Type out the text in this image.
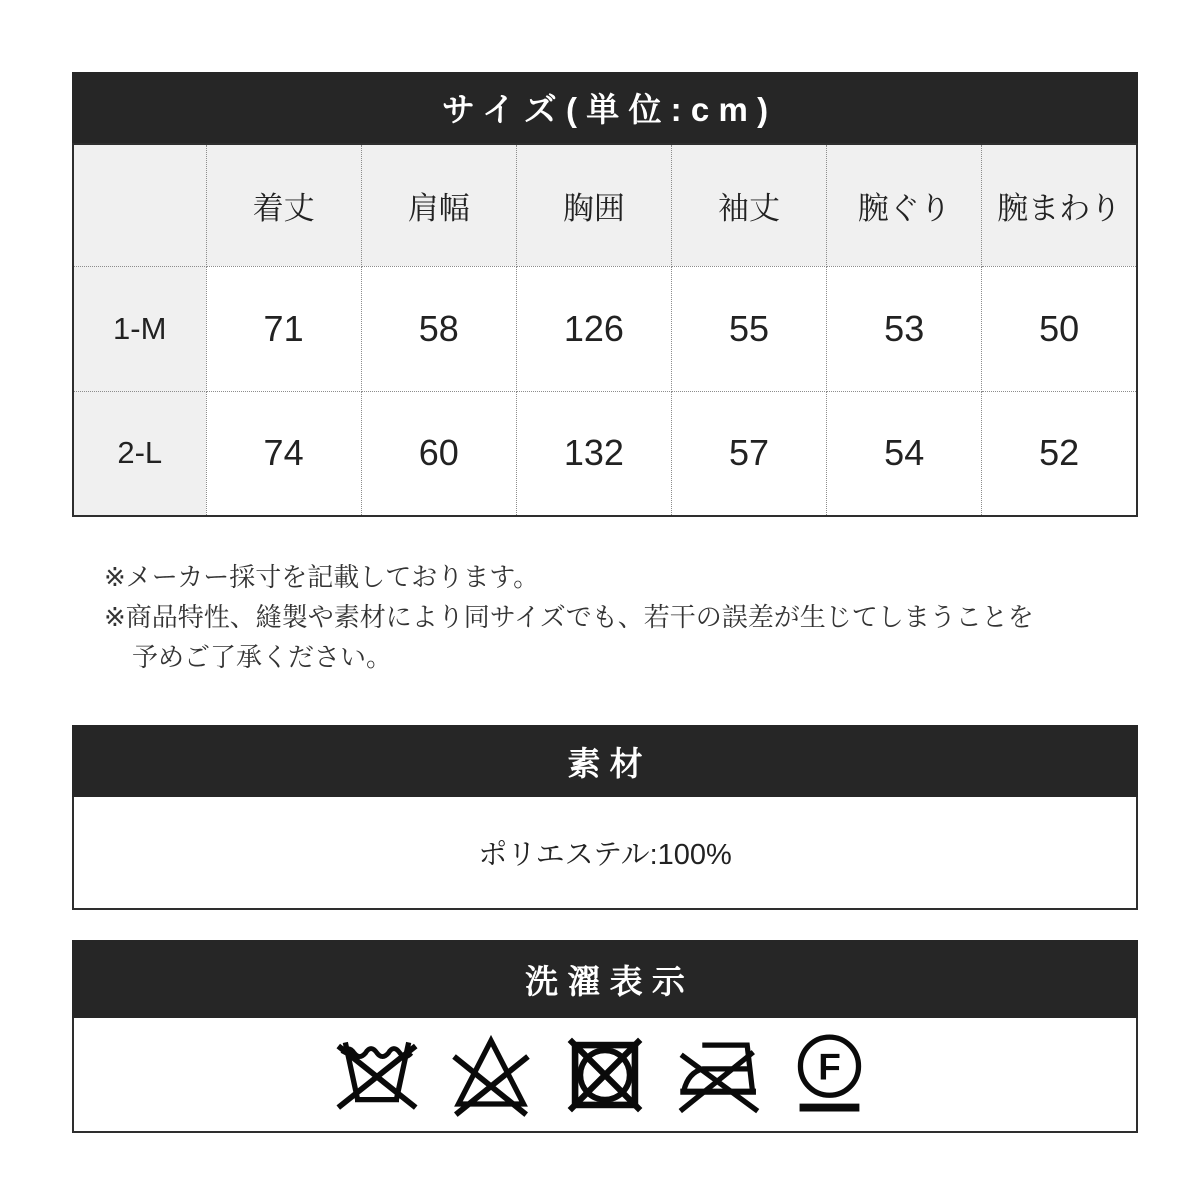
サイズ(単位:cm)
	着丈	肩幅	胸囲	袖丈	腕ぐり	腕まわり
1-M	71	58	126	55	53	50
2-L	74	60	132	57	54	52

※メーカー採寸を記載しております。

※商品特性、縫製や素材により同サイズでも、若干の誤差が生じてしまうことを

予めご了承ください。

素材
ポリエステル:100%
洗濯表示
F
